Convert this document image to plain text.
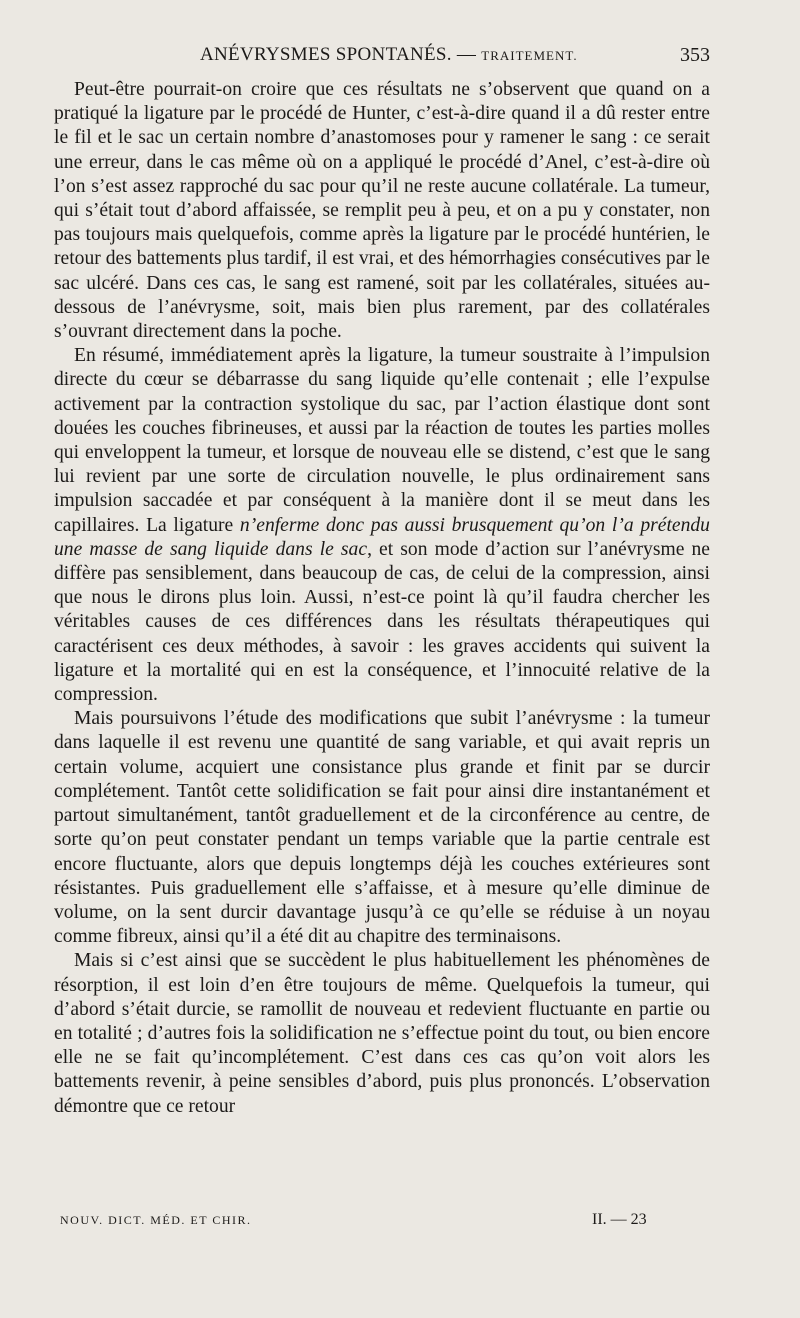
ANÉVRYSMES SPONTANÉS. — TRAITEMENT.	353

Peut-être pourrait-on croire que ces résultats ne s’observent que quand on a pratiqué la ligature par le procédé de Hunter, c’est-à-dire quand il a dû rester entre le fil et le sac un certain nombre d’anastomoses pour y ramener le sang : ce serait une erreur, dans le cas même où on a appliqué le procédé d’Anel, c’est-à-dire où l’on s’est assez rapproché du sac pour qu’il ne reste aucune collatérale. La tumeur, qui s’était tout d’abord affaissée, se remplit peu à peu, et on a pu y constater, non pas toujours mais quelquefois, comme après la ligature par le procédé huntérien, le retour des battements plus tardif, il est vrai, et des hémorrhagies consécutives par le sac ulcéré. Dans ces cas, le sang est ramené, soit par les collatérales, situées au-dessous de l’anévrysme, soit, mais bien plus rarement, par des collatérales s’ouvrant directement dans la poche.

En résumé, immédiatement après la ligature, la tumeur soustraite à l’impulsion directe du cœur se débarrasse du sang liquide qu’elle contenait ; elle l’expulse activement par la contraction systolique du sac, par l’action élastique dont sont douées les couches fibrineuses, et aussi par la réaction de toutes les parties molles qui enveloppent la tumeur, et lorsque de nouveau elle se distend, c’est que le sang lui revient par une sorte de circulation nouvelle, le plus ordinairement sans impulsion saccadée et par conséquent à la manière dont il se meut dans les capillaires. La ligature n’enferme donc pas aussi brusquement qu’on l’a prétendu une masse de sang liquide dans le sac, et son mode d’action sur l’anévrysme ne diffère pas sensiblement, dans beaucoup de cas, de celui de la compression, ainsi que nous le dirons plus loin. Aussi, n’est-ce point là qu’il faudra chercher les véritables causes de ces différences dans les résultats thérapeutiques qui caractérisent ces deux méthodes, à savoir : les graves accidents qui suivent la ligature et la mortalité qui en est la conséquence, et l’innocuité relative de la compression.

Mais poursuivons l’étude des modifications que subit l’anévrysme : la tumeur dans laquelle il est revenu une quantité de sang variable, et qui avait repris un certain volume, acquiert une consistance plus grande et finit par se durcir complétement. Tantôt cette solidification se fait pour ainsi dire instantanément et partout simultanément, tantôt graduellement et de la circonférence au centre, de sorte qu’on peut constater pendant un temps variable que la partie centrale est encore fluctuante, alors que depuis longtemps déjà les couches extérieures sont résistantes. Puis graduellement elle s’affaisse, et à mesure qu’elle diminue de volume, on la sent durcir davantage jusqu’à ce qu’elle se réduise à un noyau comme fibreux, ainsi qu’il a été dit au chapitre des terminaisons.

Mais si c’est ainsi que se succèdent le plus habituellement les phénomènes de résorption, il est loin d’en être toujours de même. Quelquefois la tumeur, qui d’abord s’était durcie, se ramollit de nouveau et redevient fluctuante en partie ou en totalité ; d’autres fois la solidification ne s’effectue point du tout, ou bien encore elle ne se fait qu’incomplétement. C’est dans ces cas qu’on voit alors les battements revenir, à peine sensibles d’abord, puis plus prononcés. L’observation démontre que ce retour

NOUV. DICT. MÉD. ET CHIR.	II. — 23
